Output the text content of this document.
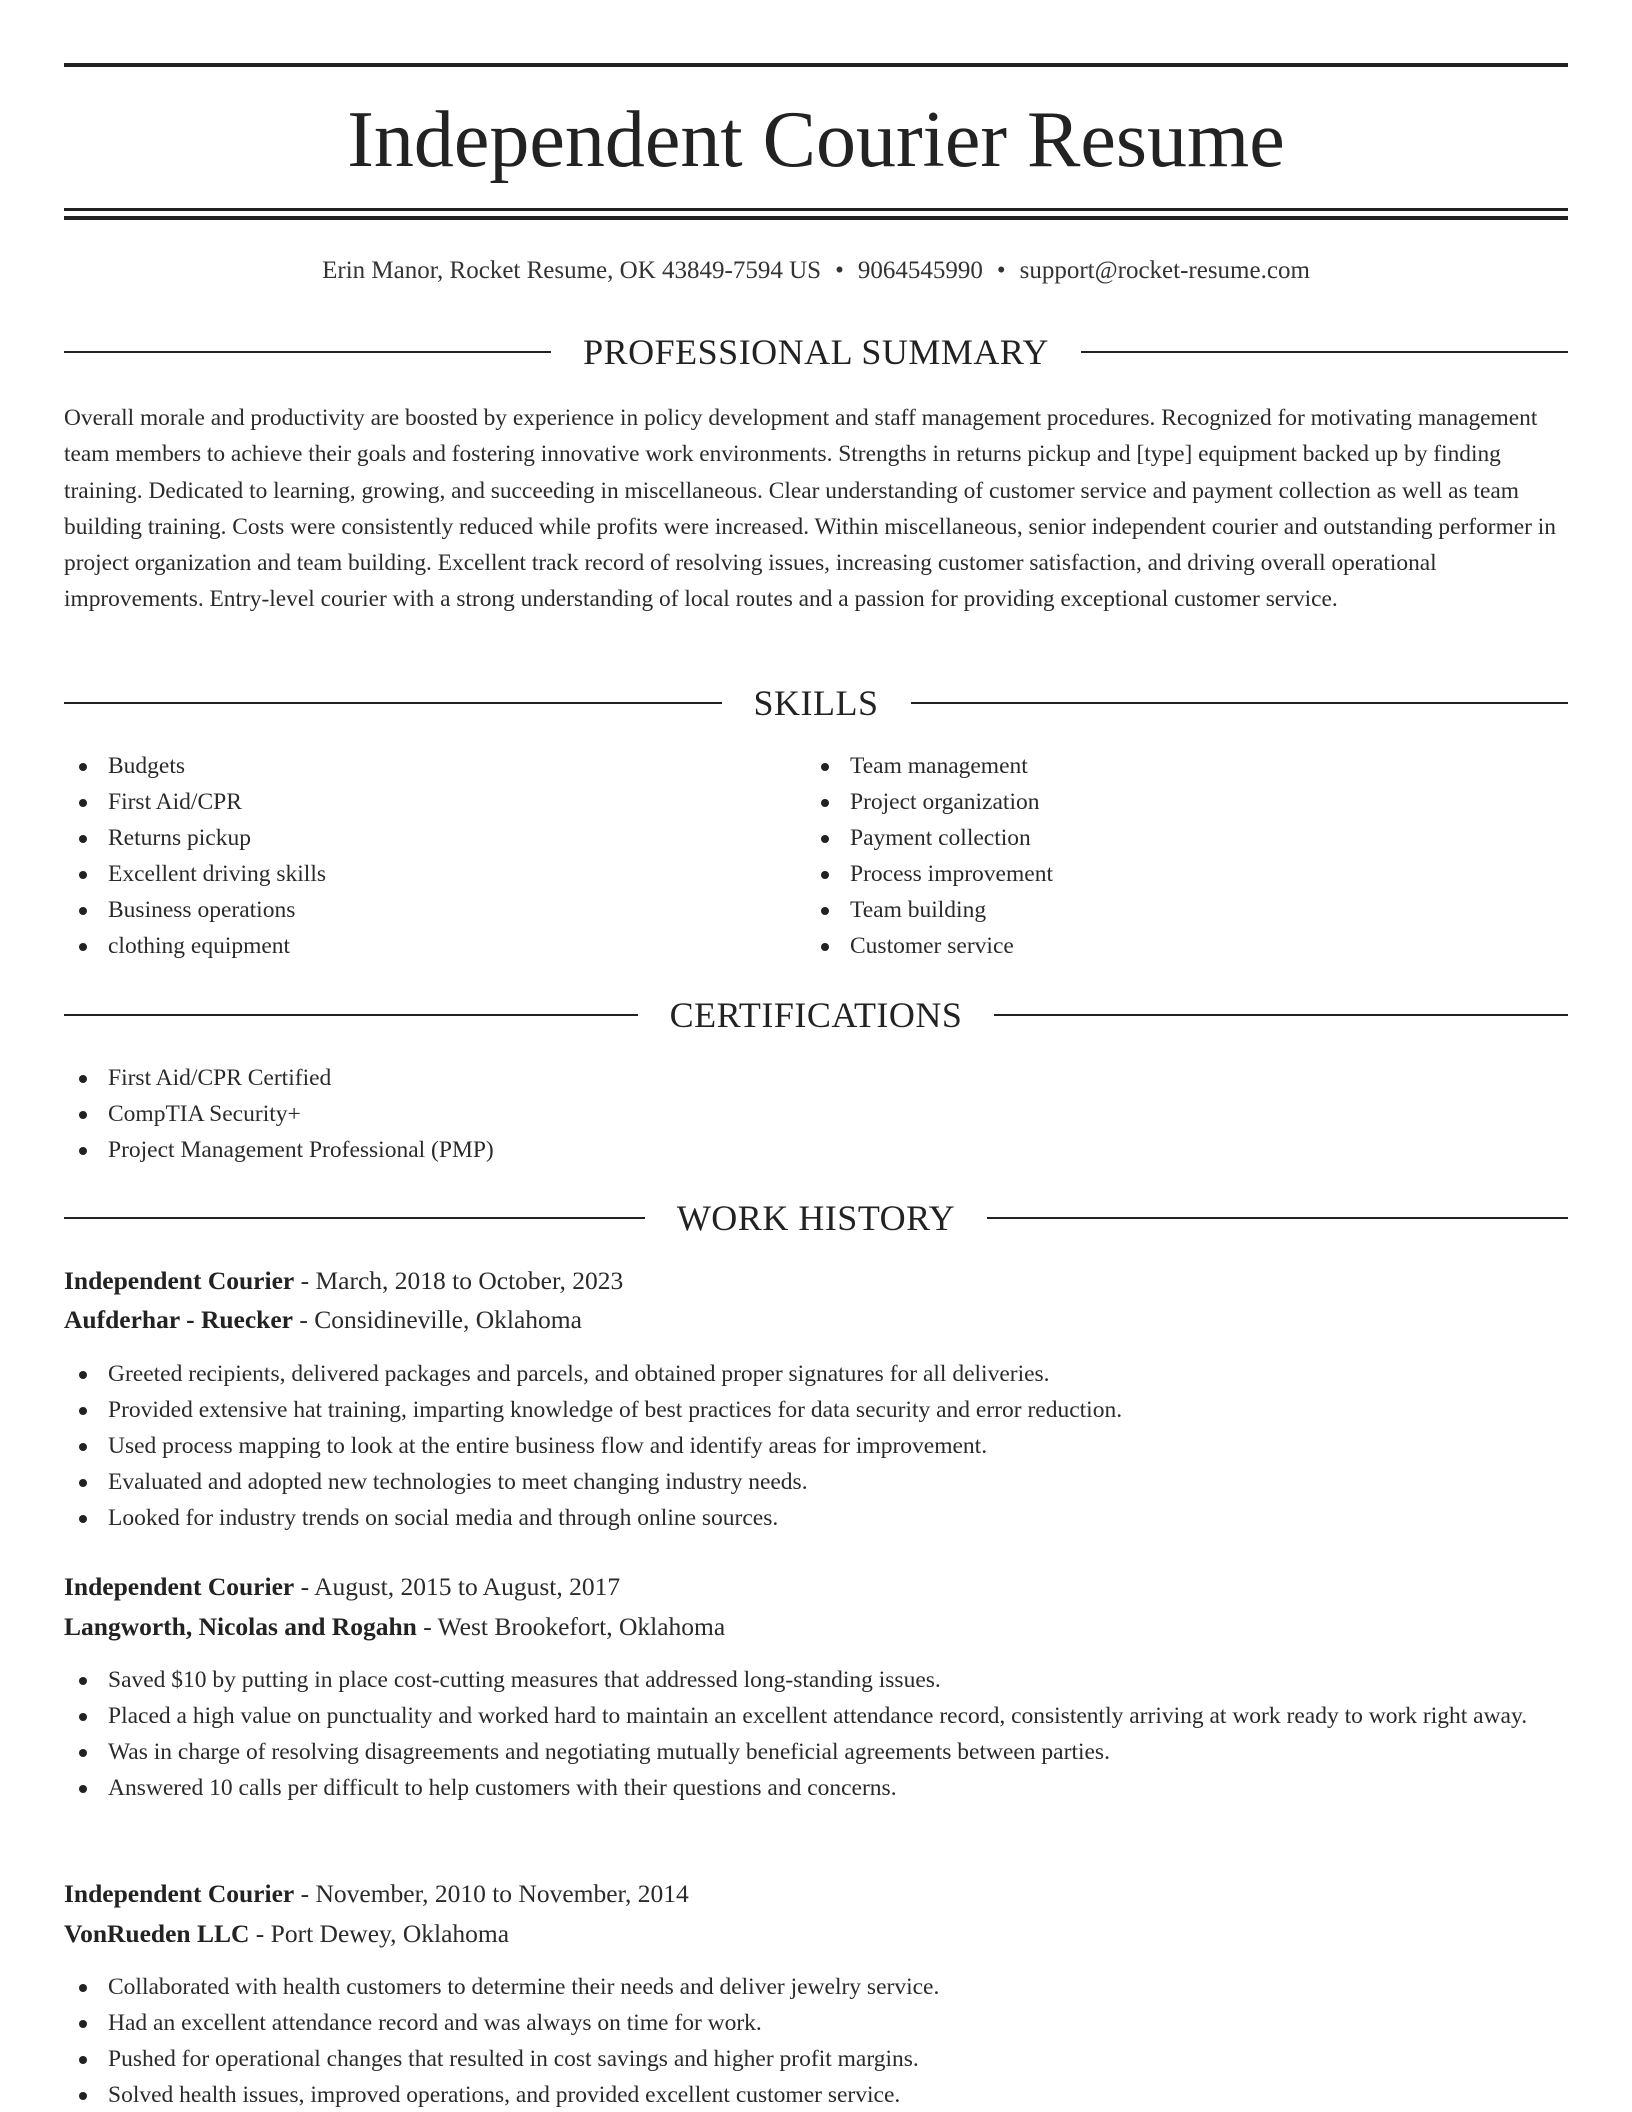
Independent Courier Resume
Erin Manor, Rocket Resume, OK 43849-7594 US • 9064545990 • support@rocket-resume.com
PROFESSIONAL SUMMARY

Overall morale and productivity are boosted by experience in policy development and staff management procedures. Recognized for motivating management team members to achieve their goals and fostering innovative work environments. Strengths in returns pickup and [type] equipment backed up by finding training. Dedicated to learning, growing, and succeeding in miscellaneous. Clear understanding of customer service and payment collection as well as team building training. Costs were consistently reduced while profits were increased. Within miscellaneous, senior independent courier and outstanding performer in project organization and team building. Excellent track record of resolving issues, increasing customer satisfaction, and driving overall operational improvements. Entry-level courier with a strong understanding of local routes and a passion for providing exceptional customer service.

SKILLS
Budgets
First Aid/CPR
Returns pickup
Excellent driving skills
Business operations
clothing equipment
Team management
Project organization
Payment collection
Process improvement
Team building
Customer service
CERTIFICATIONS
First Aid/CPR Certified
CompTIA Security+
Project Management Professional (PMP)
WORK HISTORY
Independent Courier - March, 2018 to October, 2023
Aufderhar - Ruecker - Considineville, Oklahoma
Greeted recipients, delivered packages and parcels, and obtained proper signatures for all deliveries.
Provided extensive hat training, imparting knowledge of best practices for data security and error reduction.
Used process mapping to look at the entire business flow and identify areas for improvement.
Evaluated and adopted new technologies to meet changing industry needs.
Looked for industry trends on social media and through online sources.
Independent Courier - August, 2015 to August, 2017
Langworth, Nicolas and Rogahn - West Brookefort, Oklahoma
Saved $10 by putting in place cost-cutting measures that addressed long-standing issues.
Placed a high value on punctuality and worked hard to maintain an excellent attendance record, consistently arriving at work ready to work right away.
Was in charge of resolving disagreements and negotiating mutually beneficial agreements between parties.
Answered 10 calls per difficult to help customers with their questions and concerns.
Independent Courier - November, 2010 to November, 2014
VonRueden LLC - Port Dewey, Oklahoma
Collaborated with health customers to determine their needs and deliver jewelry service.
Had an excellent attendance record and was always on time for work.
Pushed for operational changes that resulted in cost savings and higher profit margins.
Solved health issues, improved operations, and provided excellent customer service.
